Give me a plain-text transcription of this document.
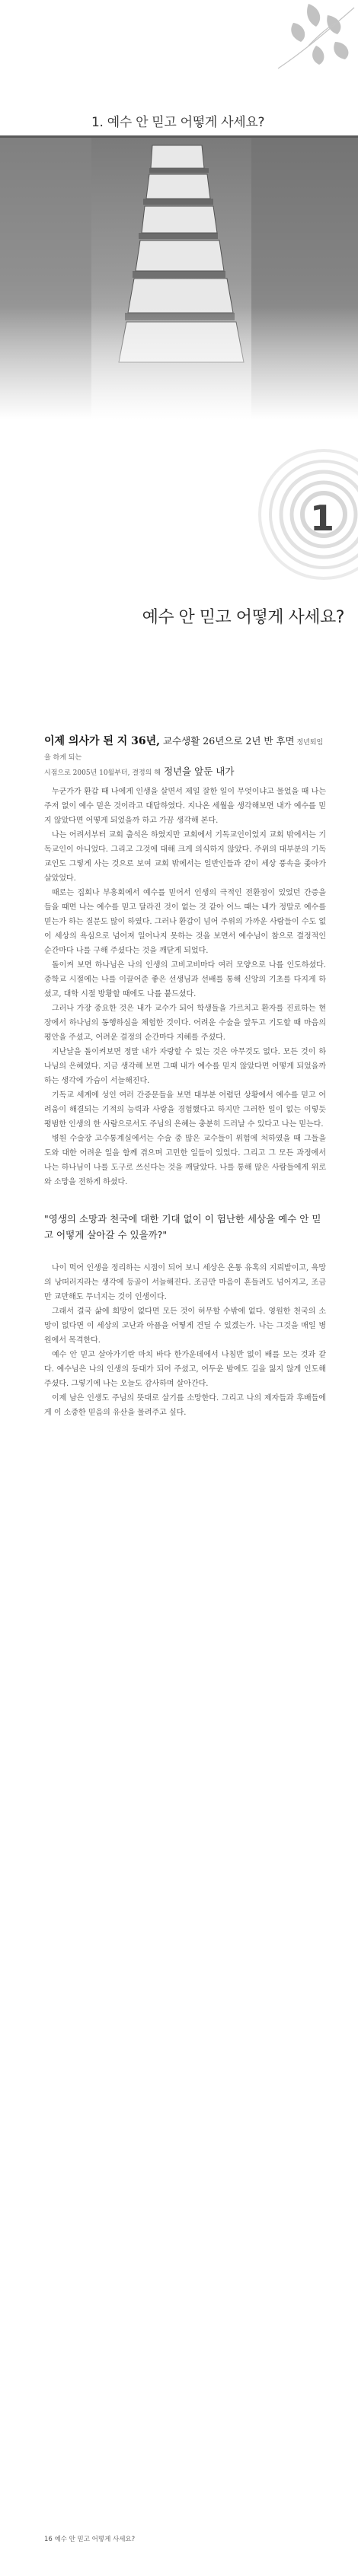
1. 예수 안 믿고 어떻게 사세요?
1
예수 안 믿고 어떻게 사세요?

이제 의사가 된 지 36년, 교수생활 26년으로 2년 반 후면 정년퇴임을 하게 되는
시점으로 2005년 10월부터, 결정의 해 정년을 앞둔 내가

누군가가 환갑 때 나에게 인생을 살면서 제일 잘한 일이 무엇이냐고 물었을 때 나는 주저 없이 예수 믿은 것이라고 대답하였다. 지나온 세월을 생각해보면 내가 예수를 믿지 않았다면 어떻게 되었을까 하고 가끔 생각해 본다.

나는 어려서부터 교회 출석은 하였지만 교회에서 기독교인이었지 교회 밖에서는 기독교인이 아니었다. 그리고 그것에 대해 크게 의식하지 않았다. 주위의 대부분의 기독교인도 그렇게 사는 것으로 보여 교회 밖에서는 일반인들과 같이 세상 풍속을 좇아가 살았었다.

때로는 집회나 부흥회에서 예수를 믿어서 인생의 극적인 전환점이 있었던 간증을 들을 때면 나는 예수를 믿고 달라진 것이 없는 것 같아 어느 때는 내가 정말로 예수를 믿는가 하는 질문도 많이 하였다. 그러나 환갑이 넘어 주위의 가까운 사람들이 수도 없이 세상의 욕심으로 넘어져 일어나지 못하는 것을 보면서 예수님이 참으로 결정적인 순간마다 나를 구해 주셨다는 것을 깨닫게 되었다.

돌이켜 보면 하나님은 나의 인생의 고비고비마다 여러 모양으로 나를 인도하셨다. 중학교 시절에는 나를 이끌어준 좋은 선생님과 선배를 통해 신앙의 기초를 다지게 하셨고, 대학 시절 방황할 때에도 나를 붙드셨다.

그러나 가장 중요한 것은 내가 교수가 되어 학생들을 가르치고 환자를 진료하는 현장에서 하나님의 동행하심을 체험한 것이다. 어려운 수술을 앞두고 기도할 때 마음의 평안을 주셨고, 어려운 결정의 순간마다 지혜를 주셨다.

지난날을 돌이켜보면 정말 내가 자랑할 수 있는 것은 아무것도 없다. 모든 것이 하나님의 은혜였다. 지금 생각해 보면 그때 내가 예수를 믿지 않았다면 어떻게 되었을까 하는 생각에 가슴이 서늘해진다.

기독교 세계에 성인 여러 간증문들을 보면 대부분 어렵던 상황에서 예수를 믿고 어려움이 해결되는 기적의 능력과 사랑을 경험했다고 하지만 그러한 일이 없는 이렇듯 평범한 인생의 한 사람으로서도 주님의 은혜는 충분히 드러날 수 있다고 나는 믿는다.

병원 수술장 고수통계실에서는 수술 중 많은 교수들이 위험에 처하였을 때 그들을 도와 대한 어려운 일을 함께 겪으며 고민한 일들이 있었다. 그리고 그 모든 과정에서 나는 하나님이 나를 도구로 쓰신다는 것을 깨달았다. 나를 통해 많은 사람들에게 위로와 소망을 전하게 하셨다.

"영생의 소망과 천국에 대한 기대 없이 이 험난한 세상을 예수 안 믿고 어떻게 살아갈 수 있을까?"

나이 먹어 인생을 정리하는 시점이 되어 보니 세상은 온통 유혹의 지뢰밭이고, 욕망의 낭떠러지라는 생각에 등골이 서늘해진다. 조금만 마음이 흔들려도 넘어지고, 조금만 교만해도 무너지는 것이 인생이다.

그래서 결국 삶에 희망이 없다면 모든 것이 허무할 수밖에 없다. 영원한 천국의 소망이 없다면 이 세상의 고난과 아픔을 어떻게 견딜 수 있겠는가. 나는 그것을 매일 병원에서 목격한다.

예수 안 믿고 살아가기란 마치 바다 한가운데에서 나침반 없이 배를 모는 것과 같다. 예수님은 나의 인생의 등대가 되어 주셨고, 어두운 밤에도 길을 잃지 않게 인도해 주셨다. 그렇기에 나는 오늘도 감사하며 살아간다.

이제 남은 인생도 주님의 뜻대로 살기를 소망한다. 그리고 나의 제자들과 후배들에게 이 소중한 믿음의 유산을 물려주고 싶다.

16 예수 안 믿고 어떻게 사세요?
